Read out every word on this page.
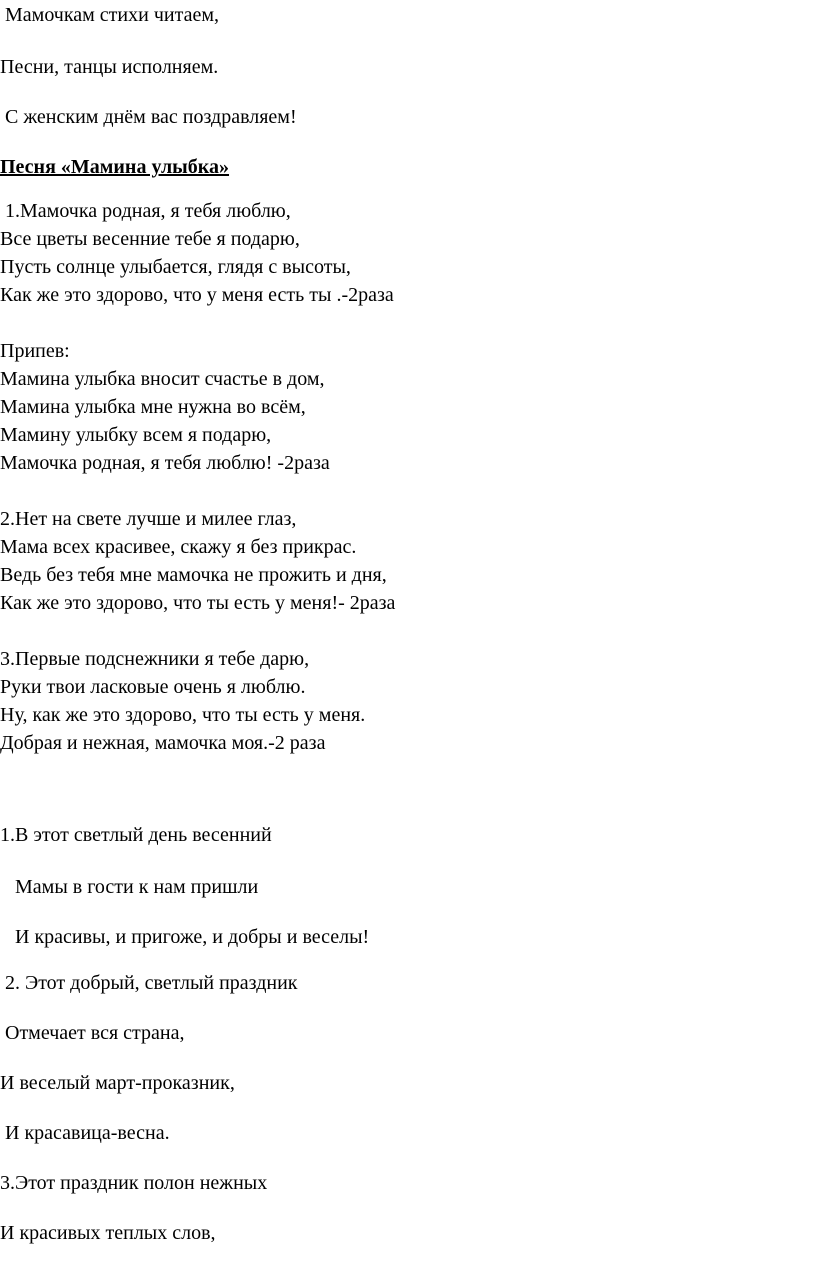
Мамочкам стихи читаем,

Песни, танцы исполняем.

С женским днём вас поздравляем!

Песня «Мамина улыбка»

1.Мамочка родная, я тебя люблю,

Все цветы весенние тебе я подарю,

Пусть солнце улыбается, глядя с высоты,

Как же это здорово, что у меня есть ты .-2раза

Припев:

Мамина улыбка вносит счастье в дом,

Мамина улыбка мне нужна во всём,

Мамину улыбку всем я подарю,

Мамочка родная, я тебя люблю! -2раза

2.Нет на свете лучше и милее глаз,

Мама всех красивее, скажу я без прикрас.

Ведь без тебя мне мамочка не прожить и дня,

Как же это здорово, что ты есть у меня!- 2раза

3.Первые подснежники я тебе дарю,

Руки твои ласковые очень я люблю.

Ну, как же это здорово, что ты есть у меня.

Добрая и нежная, мамочка моя.-2 раза

1.В этот светлый день весенний

Мамы в гости к нам пришли

И красивы, и пригоже, и добры и веселы!

2. Этот добрый, светлый праздник

Отмечает вся страна,

И веселый март-проказник,

И красавица-весна.

3.Этот праздник полон нежных

И красивых теплых слов,
